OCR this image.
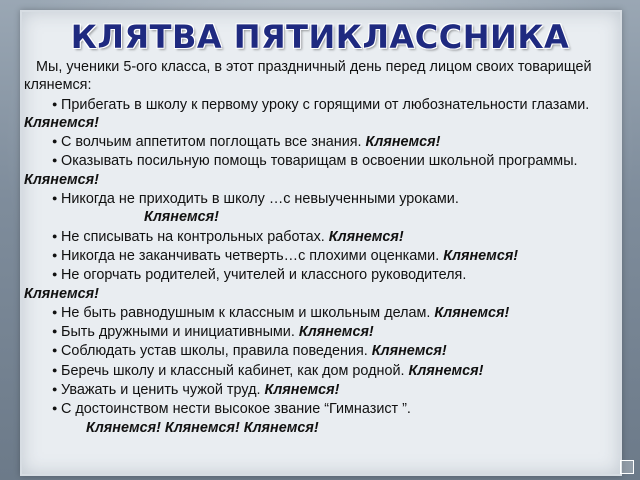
КЛЯТВА ПЯТИКЛАССНИКА

Мы, ученики 5-ого класса, в этот праздничный день перед лицом своих товарищей клянемся:

● Прибегать в школу к первому уроку с горящими от любознательности глазами. Клянемся!
● С волчьим аппетитом поглощать все знания. Клянемся!
● Оказывать посильную помощь товарищам в освоении школьной программы. Клянемся!
● Никогда не приходить в школу …с невыученными уроками.
Клянемся!
● Не списывать на контрольных работах. Клянемся!
● Никогда не заканчивать четверть…с плохими оценками. Клянемся!
● Не огорчать родителей, учителей и классного руководителя.
Клянемся!
● Не быть равнодушным к классным и школьным делам. Клянемся!
● Быть дружными и инициативными. Клянемся!
● Соблюдать устав школы, правила поведения. Клянемся!
● Беречь школу и классный кабинет, как дом родной. Клянемся!
● Уважать и ценить чужой труд. Клянемся!
● С достоинством нести высокое звание “Гимназист ”.
Клянемся! Клянемся! Клянемся!
